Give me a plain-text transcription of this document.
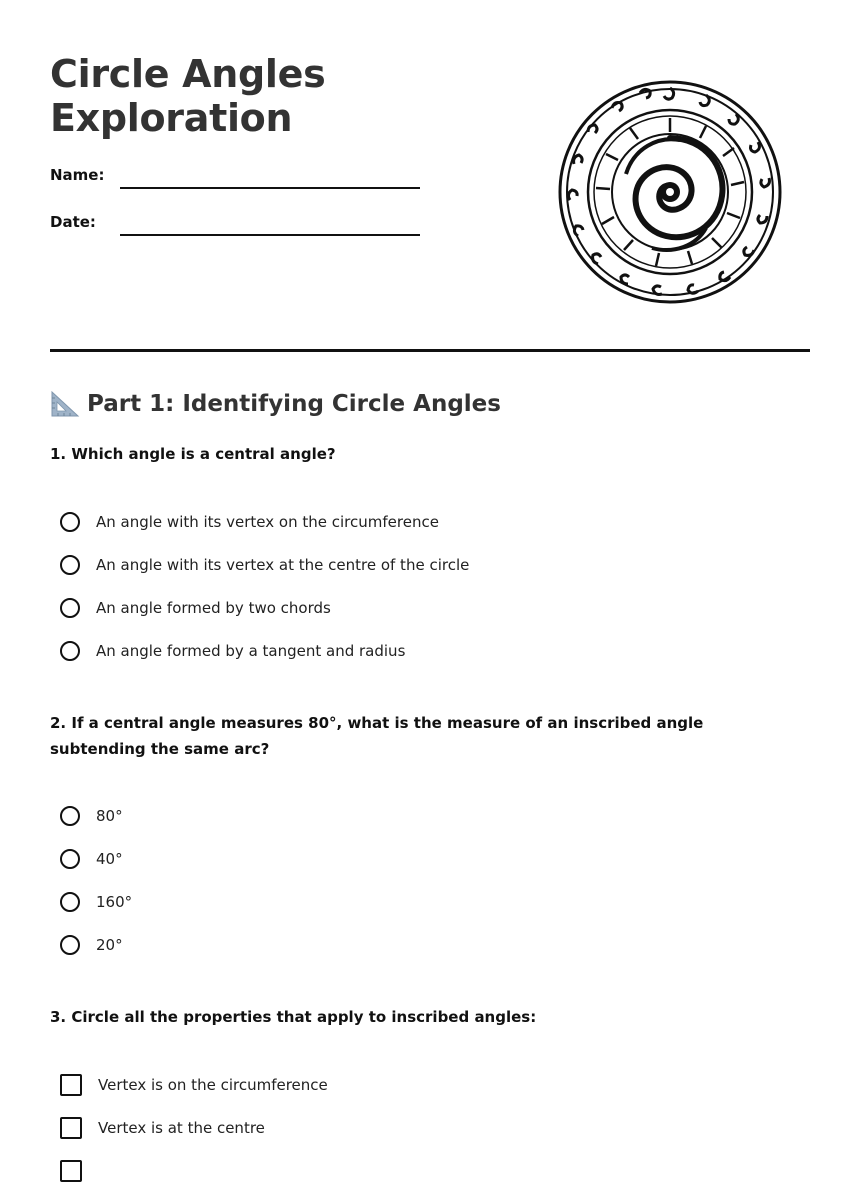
Circle Angles
Exploration
Name:
Date:
Part 1: Identifying Circle Angles

1. Which angle is a central angle?

An angle with its vertex on the circumference
An angle with its vertex at the centre of the circle
An angle formed by two chords
An angle formed by a tangent and radius

2. If a central angle measures 80°, what is the measure of an inscribed angle subtending the same arc?

80°
40°
160°
20°

3. Circle all the properties that apply to inscribed angles:

Vertex is on the circumference
Vertex is at the centre
